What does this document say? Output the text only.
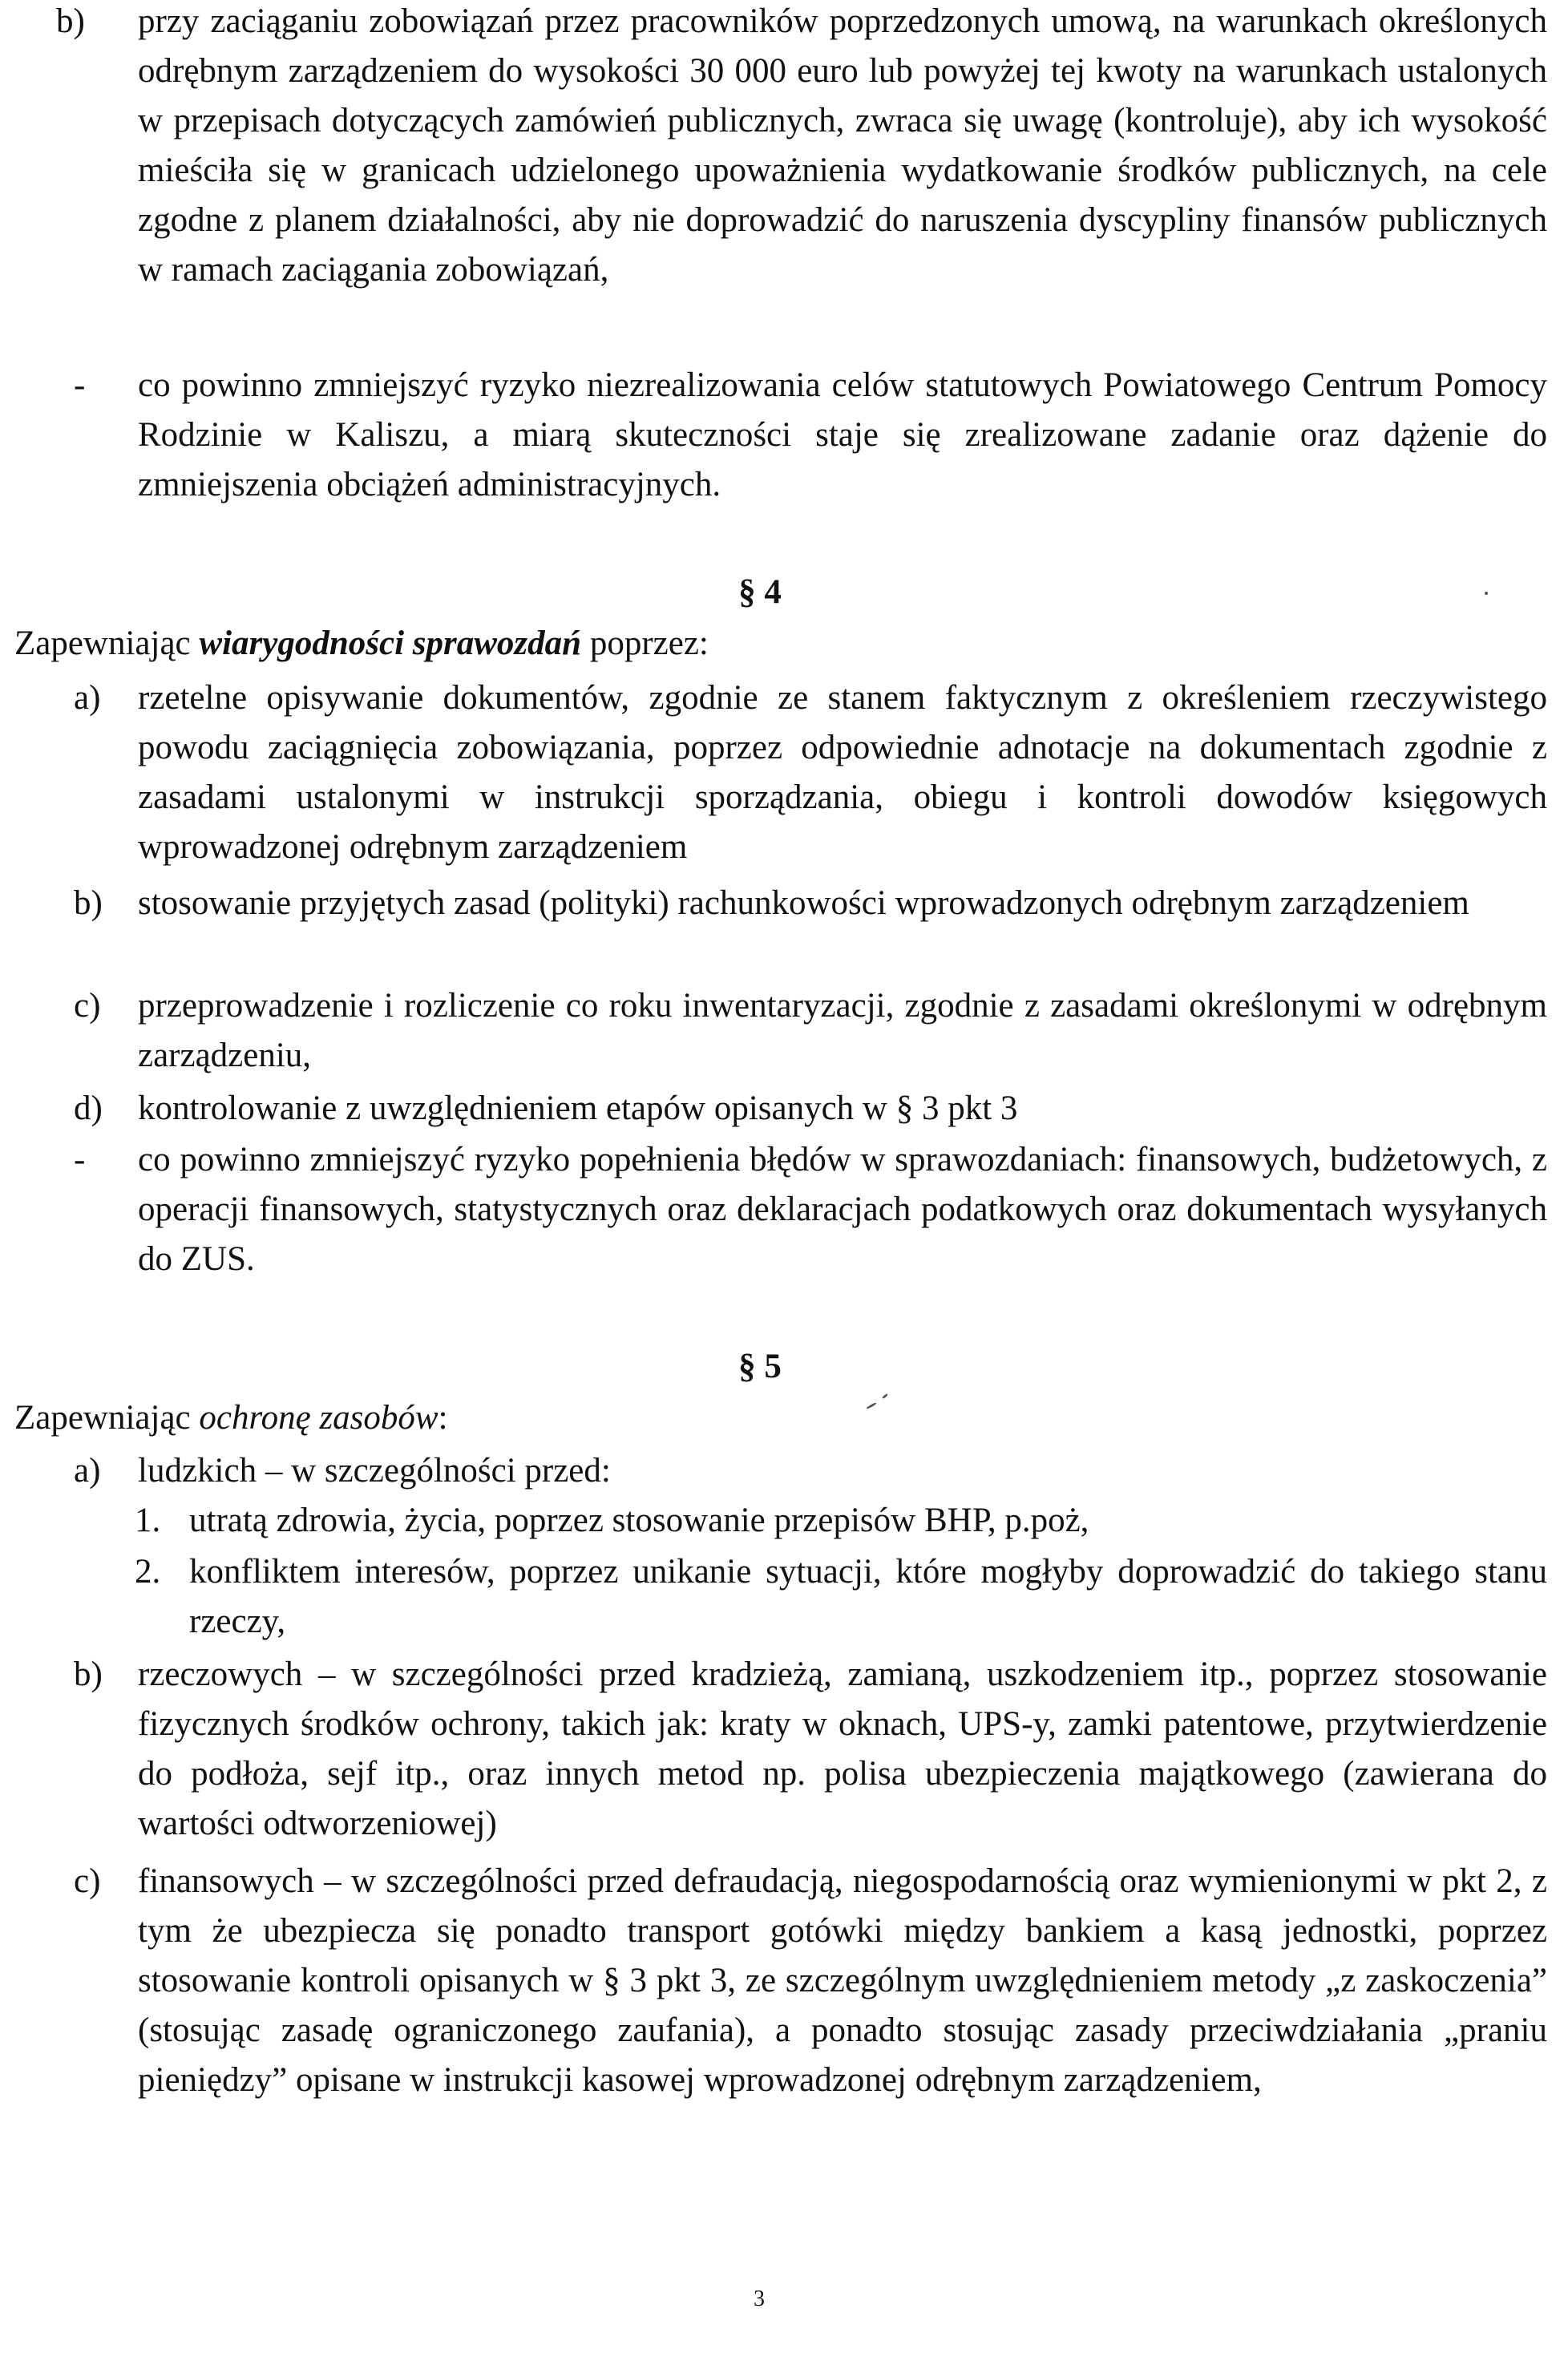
b) przy zaciąganiu zobowiązań przez pracowników poprzedzonych umową, na warunkach określonych odrębnym zarządzeniem do wysokości 30 000 euro lub powyżej tej kwoty na warunkach ustalonych w przepisach dotyczących zamówień publicznych, zwraca się uwagę (kontroluje), aby ich wysokość mieściła się w granicach udzielonego upoważnienia wydatkowanie środków publicznych, na cele zgodne z planem działalności, aby nie doprowadzić do naruszenia dyscypliny finansów publicznych w ramach zaciągania zobowiązań,

- co powinno zmniejszyć ryzyko niezrealizowania celów statutowych Powiatowego Centrum Pomocy Rodzinie w Kaliszu, a miarą skuteczności staje się zrealizowane zadanie oraz dążenie do zmniejszenia obciążeń administracyjnych.

§ 4
Zapewniając wiarygodności sprawozdań poprzez:
a) rzetelne opisywanie dokumentów, zgodnie ze stanem faktycznym z określeniem rzeczywistego powodu zaciągnięcia zobowiązania, poprzez odpowiednie adnotacje na dokumentach zgodnie z zasadami ustalonymi w instrukcji sporządzania, obiegu i kontroli dowodów księgowych wprowadzonej odrębnym zarządzeniem

b) stosowanie przyjętych zasad (polityki) rachunkowości wprowadzonych odrębnym zarządzeniem

c) przeprowadzenie i rozliczenie co roku inwentaryzacji, zgodnie z zasadami określonymi w odrębnym zarządzeniu,

d) kontrolowanie z uwzględnieniem etapów opisanych w § 3 pkt 3

- co powinno zmniejszyć ryzyko popełnienia błędów w sprawozdaniach: finansowych, budżetowych, z operacji finansowych, statystycznych oraz deklaracjach podatkowych oraz dokumentach wysyłanych do ZUS.

§ 5
Zapewniając ochronę zasobów:
a) ludzkich – w szczególności przed:

1. utratą zdrowia, życia, poprzez stosowanie przepisów BHP, p.poż,

2. konfliktem interesów, poprzez unikanie sytuacji, które mogłyby doprowadzić do takiego stanu rzeczy,

b) rzeczowych – w szczególności przed kradzieżą, zamianą, uszkodzeniem itp., poprzez stosowanie fizycznych środków ochrony, takich jak: kraty w oknach, UPS-y, zamki patentowe, przytwierdzenie do podłoża, sejf itp., oraz innych metod np. polisa ubezpieczenia majątkowego (zawierana do wartości odtworzeniowej)

c) finansowych – w szczególności przed defraudacją, niegospodarnością oraz wymienionymi w pkt 2, z tym że ubezpiecza się ponadto transport gotówki między bankiem a kasą jednostki, poprzez stosowanie kontroli opisanych w § 3 pkt 3, ze szczególnym uwzględnieniem metody „z zaskoczenia” (stosując zasadę ograniczonego zaufania), a ponadto stosując zasady przeciwdziałania „praniu pieniędzy” opisane w instrukcji kasowej wprowadzonej odrębnym zarządzeniem,

3
